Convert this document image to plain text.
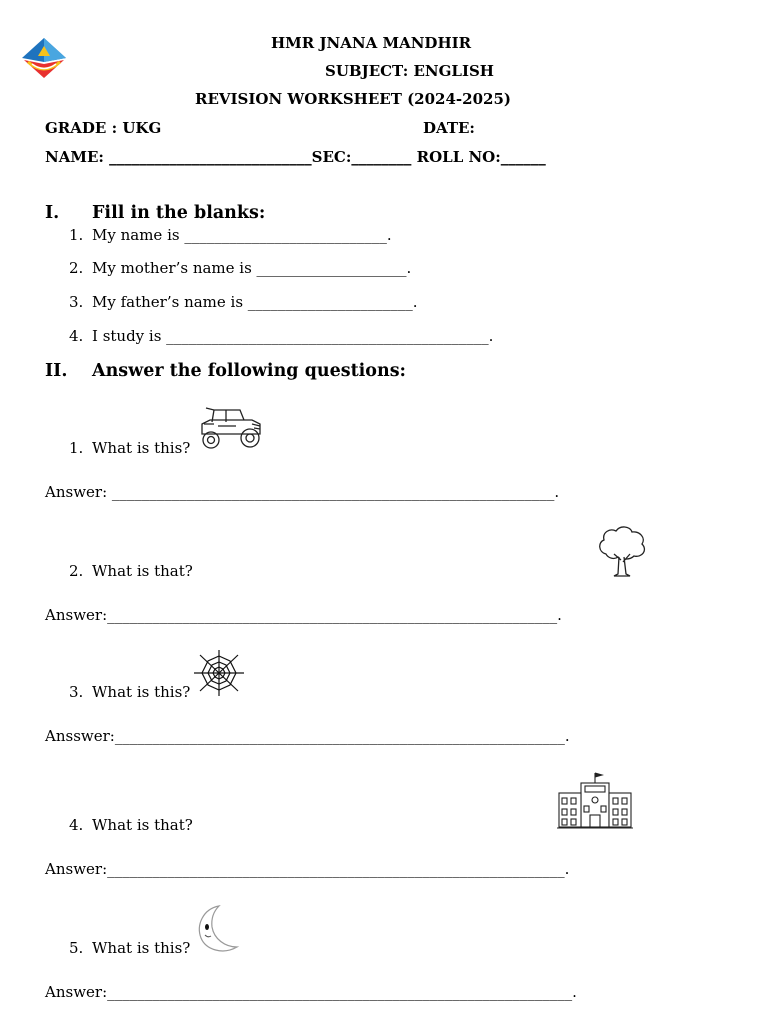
HMR JNANA MANDHIR
SUBJECT: ENGLISH
REVISION WORKSHEET (2024-2025)
GRADE : UKG	DATE:
NAME: ___________________________SEC:________ ROLL NO:______
I. Fill in the blanks:
1. My name is ___________________________.
2. My mother’s name is ____________________.
3. My father’s name is ______________________.
4. I study is ___________________________________________.
II. Answer the following questions:
1. What is this?
Answer: ___________________________________________________________.
2. What is that?
Answer:____________________________________________________________.
3. What is this?
Ansswer:____________________________________________________________.
4. What is that?
Answer:_____________________________________________________________.
5. What is this?
Answer:______________________________________________________________.
